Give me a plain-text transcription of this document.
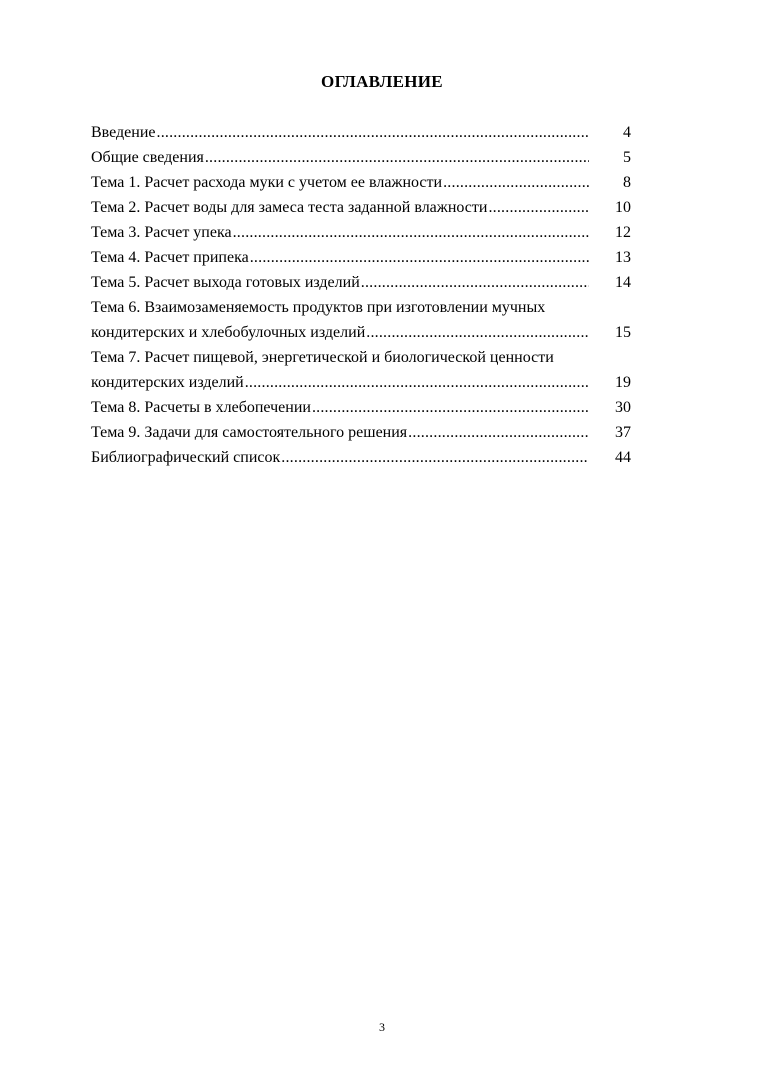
ОГЛАВЛЕНИЕ
Введение .....	4
Общие сведения .....	5
Тема 1. Расчет расхода муки с учетом ее влажности .....	8
Тема 2. Расчет воды для замеса теста заданной влажности .....	10
Тема 3. Расчет упека .....	12
Тема 4. Расчет припека .....	13
Тема 5. Расчет выхода готовых изделий .....	14
Тема 6. Взаимозаменяемость продуктов при изготовлении мучных
кондитерских и хлебобулочных изделий .....	15
Тема 7. Расчет пищевой, энергетической и биологической ценности
кондитерских изделий .....	19
Тема 8. Расчеты в хлебопечении .....	30
Тема 9. Задачи для самостоятельного решения .....	37
Библиографический список .....	44
3
